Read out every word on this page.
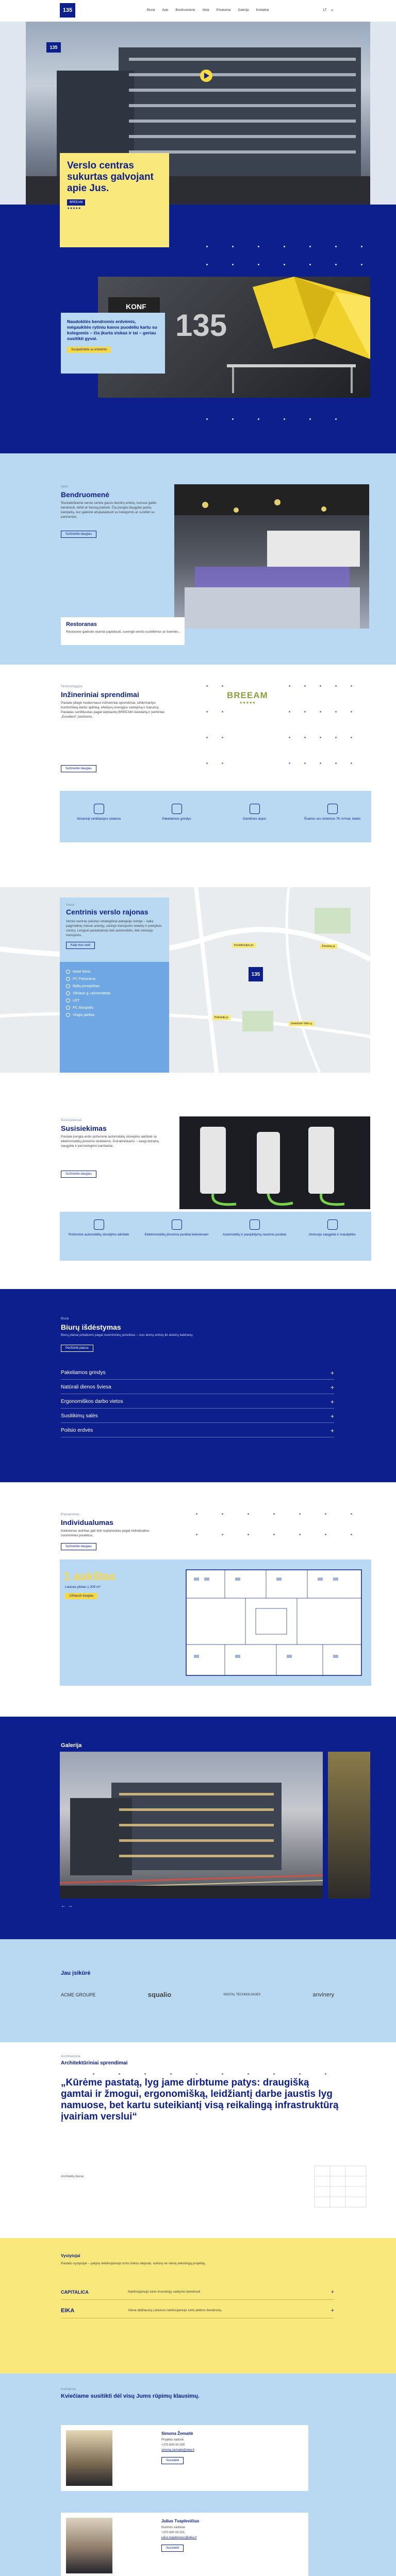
135	Biurai Apie Bendruomenė Vieta Privalumai Galerija Kontaktai	LT ⌕
135
Verslo centras sukurtas galvojant apie Jus.
BREEAM
★★★★★
KONF
135
Naudokitės bendromis erdvėmis, mėgaukitės rytiniu kavos puodeliu kartu su kolegomis – čia įkurta viskas ir tai – geriau susitikti gyvai.
Susipažinkite su erdvėmis
Apie
Bendruomenė
Šiuolaikiškame verslo centre gausu bendrų erdvių, kuriose galite bendrauti, dirbti ar tiesiog pailsėti. Čia įrengta daugybė jaukių kampelių, kur galėsite atsipalaiduoti su kolegomis ar susitikti su partneriais.
Sužinokite daugiau
Restoranas
Restorane galėsite skaniai papietauti, surengti verslo susitikimus ar šventes.
Technologijos
Inžineriniai sprendimai
Pastate įdiegti moderniausi inžineriniai sprendimai, užtikrinantys komfortišką darbo aplinką, efektyvų energijos vartojimą ir tvarumą. Pastatas sertifikuotas pagal tarptautinį BREEAM standartą ir įvertintas „Excellent“ įvertinimu.
Sužinokite daugiau
BREEAM
★★★★★
Išmanioji ventiliacijos sistema	Pakeliamos grindys	Gamtinės dujos	Švarios oro sistemos 7K m³/val. kiekis
135
Žirmūnų g.
Konstitucijos pr.
Kalvarijų g.
Geležinio Vilko g.
Vieta
Centrinis verslo rajonas
Verslo centras įsikūręs strategiškai patogioje vietoje – šalia pagrindinių miesto arterijų, viešojo transporto stotelių ir prekybos centrų. Lengvai pasiekiamas tiek automobiliu, tiek viešuoju transportu.
Kaip mus rasti
Hotel Neris
PC Panorama
Baltų prospektas
Vilniaus g. universitetas
LRT
PC Akropolis
Vingio parkas
Susisiekimas
Susisiekimas
Pastate įrengta erdvi požeminė automobilių stovėjimo aikštelė su elektromobilių įkrovimo stotelėmis. Dviratininkams – saugi dviračių saugykla ir persirengimo kambariai.
Sužinokite daugiau
Požeminė automobilių stovėjimo aikštelė	Elektromobilių įkrovimo punktai kiekvienam	Automobilių ir pasipildymų nuomos punktai	Atviruoju saugykla ir maudyklės
Biurai
Biurų išdėstymas
Biurų planai pritaikomi pagal nuomininkų poreikius – nuo atvirų erdvių iki atskirų kabinetų.
Peržiūrėti planus
Pakeliamos grindys	+
Natūrali dienos šviesa	+
Ergonomiškos darbo vietos	+
Susitikimų salės	+
Poilsio erdvės	+
Planavimas
Individualumas
Kiekvienas aukštas gali būti suplanuotas pagal individualius nuomininko poreikius.
Sužinokite daugiau
1 aukštas
Laisvas plotas 1 200 m²
Užklausti daugiau
Galerija
← →
Jau įsikūrė
ACME GROUPE	squalio	DIGITAL TECHNOLOGIES	anvinery
Architektūra
Architektūriniai sprendimai
„Kūrėme pastatą, lyg jame dirbtume patys: draugišką gamtai ir žmogui, ergonomišką, leidžiantį darbe jaustis lyg namuose, bet kartu suteikiantį visą reikalingą infrastruktūrą įvairiam verslui“
Architektų biuras
Vystytojai
Pastato vystytojai – patyrę nekilnojamojo turto rinkos dalyviai, sukūrę ne vieną sėkmingą projektą.
CAPITALICA	Nekilnojamojo turto investicijų valdymo bendrovė	+
EIKA	Viena didžiausių Lietuvos nekilnojamojo turto plėtros bendrovių	+
Kontaktai
Kviečiame susitikti dėl visų Jums rūpimų klausimų.
Simona Žemaitė
Projekto vadovė
+370 600 00 000
simona.zemaite@eika.lt
Susisiekti
Julius Tvaplevičius
Nuomos vadovas
+370 600 00 001
julius.tvaplevicius@eika.lt
Susisiekti
